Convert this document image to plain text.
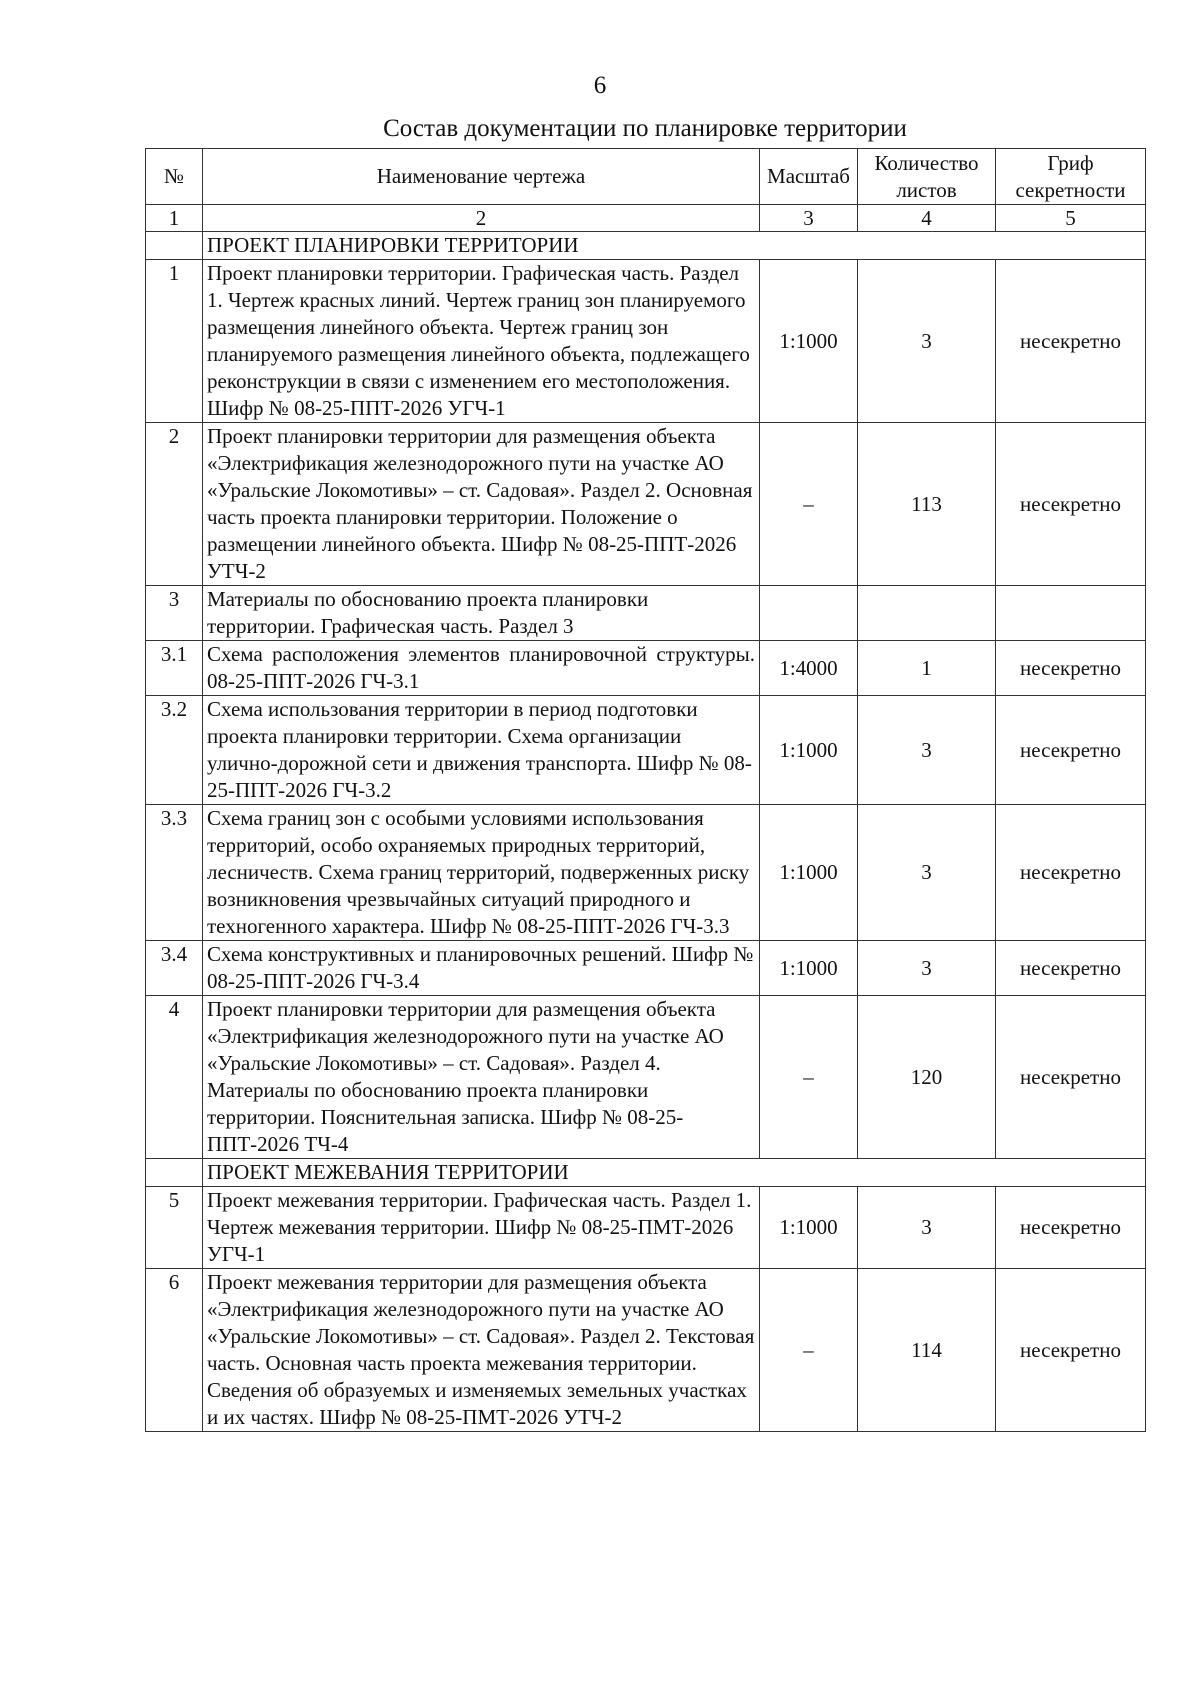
6
Состав документации по планировке территории
№	Наименование чертежа	Масштаб	Количество листов	Гриф секретности
1	2	3	4	5
	ПРОЕКТ ПЛАНИРОВКИ ТЕРРИТОРИИ			
1	Проект планировки территории. Графическая часть. Раздел 1. Чертеж красных линий. Чертеж границ зон планируемого размещения линейного объекта. Чертеж границ зон планируемого размещения линейного объекта, подлежащего реконструкции в связи с изменением его местоположения. Шифр № 08-25-ППТ-2026 УГЧ-1	1:1000	3	несекретно
2	Проект планировки территории для размещения объекта «Электрификация железнодорожного пути на участке АО «Уральские Локомотивы» – ст. Садовая». Раздел 2. Основная часть проекта планировки территории. Положение о размещении линейного объекта. Шифр № 08-25-ППТ-2026 УТЧ-2	–	113	несекретно
3	Материалы по обоснованию проекта планировки территории. Графическая часть. Раздел 3			
3.1	Схема расположения элементов планировочной структуры. 08-25-ППТ-2026 ГЧ-3.1	1:4000	1	несекретно
3.2	Схема использования территории в период подготовки проекта планировки территории. Схема организации улично-дорожной сети и движения транспорта. Шифр № 08-25-ППТ-2026 ГЧ-3.2	1:1000	3	несекретно
3.3	Схема границ зон с особыми условиями использования территорий, особо охраняемых природных территорий, лесничеств. Схема границ территорий, подверженных риску возникновения чрезвычайных ситуаций природного и техногенного характера. Шифр № 08-25-ППТ-2026 ГЧ-3.3	1:1000	3	несекретно
3.4	Схема конструктивных и планировочных решений. Шифр № 08-25-ППТ-2026 ГЧ-3.4	1:1000	3	несекретно
4	Проект планировки территории для размещения объекта «Электрификация железнодорожного пути на участке АО «Уральские Локомотивы» – ст. Садовая». Раздел 4. Материалы по обоснованию проекта планировки территории. Пояснительная записка. Шифр № 08-25-ППТ-2026 ТЧ-4	–	120	несекретно
	ПРОЕКТ МЕЖЕВАНИЯ ТЕРРИТОРИИ			
5	Проект межевания территории. Графическая часть. Раздел 1. Чертеж межевания территории. Шифр № 08-25-ПМТ-2026 УГЧ-1	1:1000	3	несекретно
6	Проект межевания территории для размещения объекта «Электрификация железнодорожного пути на участке АО «Уральские Локомотивы» – ст. Садовая». Раздел 2. Текстовая часть. Основная часть проекта межевания территории. Сведения об образуемых и изменяемых земельных участках и их частях. Шифр № 08-25-ПМТ-2026 УТЧ-2	–	114	несекретно
